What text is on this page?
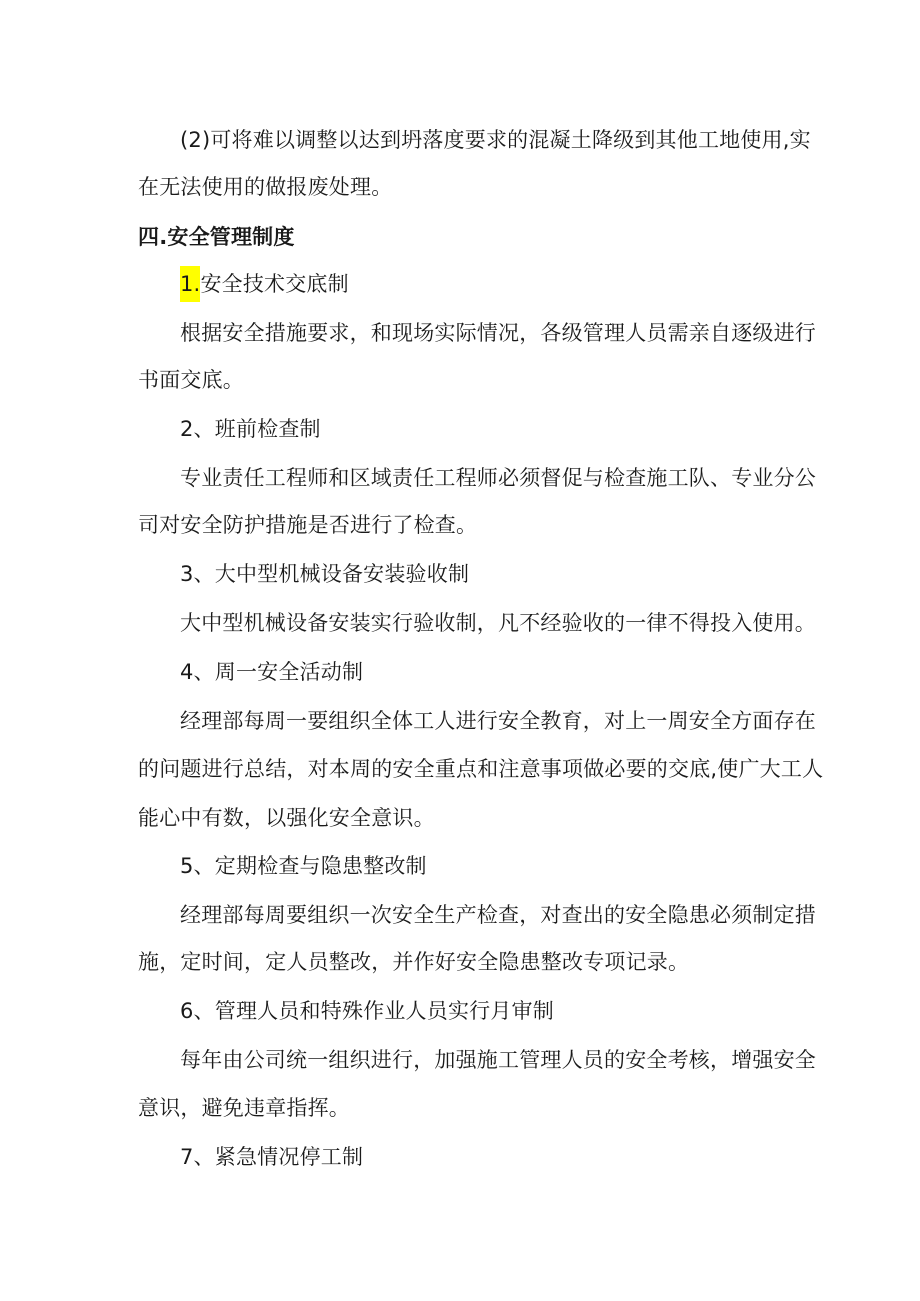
(2)可将难以调整以达到坍落度要求的混凝土降级到其他工地使用,实
在无法使用的做报废处理。
四.安全管理制度
1.安全技术交底制
根据安全措施要求，和现场实际情况，各级管理人员需亲自逐级进行
书面交底。
2、班前检查制
专业责任工程师和区域责任工程师必须督促与检查施工队、专业分公
司对安全防护措施是否进行了检查。
3、大中型机械设备安装验收制
大中型机械设备安装实行验收制，凡不经验收的一律不得投入使用。
4、周一安全活动制
经理部每周一要组织全体工人进行安全教育，对上一周安全方面存在
的问题进行总结，对本周的安全重点和注意事项做必要的交底,使广大工人
能心中有数，以强化安全意识。
5、定期检查与隐患整改制
经理部每周要组织一次安全生产检查，对查出的安全隐患必须制定措
施，定时间，定人员整改，并作好安全隐患整改专项记录。
6、管理人员和特殊作业人员实行月审制
每年由公司统一组织进行，加强施工管理人员的安全考核，增强安全
意识，避免违章指挥。
7、紧急情况停工制
